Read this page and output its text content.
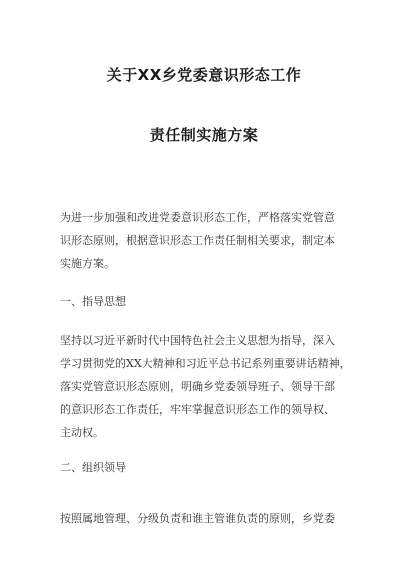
关于XX乡党委意识形态工作
责任制实施方案
为进一步加强和改进党委意识形态工作，严格落实党管意
识形态原则，根据意识形态工作责任制相关要求，制定本
实施方案。
一、指导思想
坚持以习近平新时代中国特色社会主义思想为指导，深入
学习贯彻党的XX大精神和习近平总书记系列重要讲话精神，
落实党管意识形态原则，明确乡党委领导班子、领导干部
的意识形态工作责任，牢牢掌握意识形态工作的领导权、
主动权。
二、组织领导
按照属地管理、分级负责和谁主管谁负责的原则，乡党委
